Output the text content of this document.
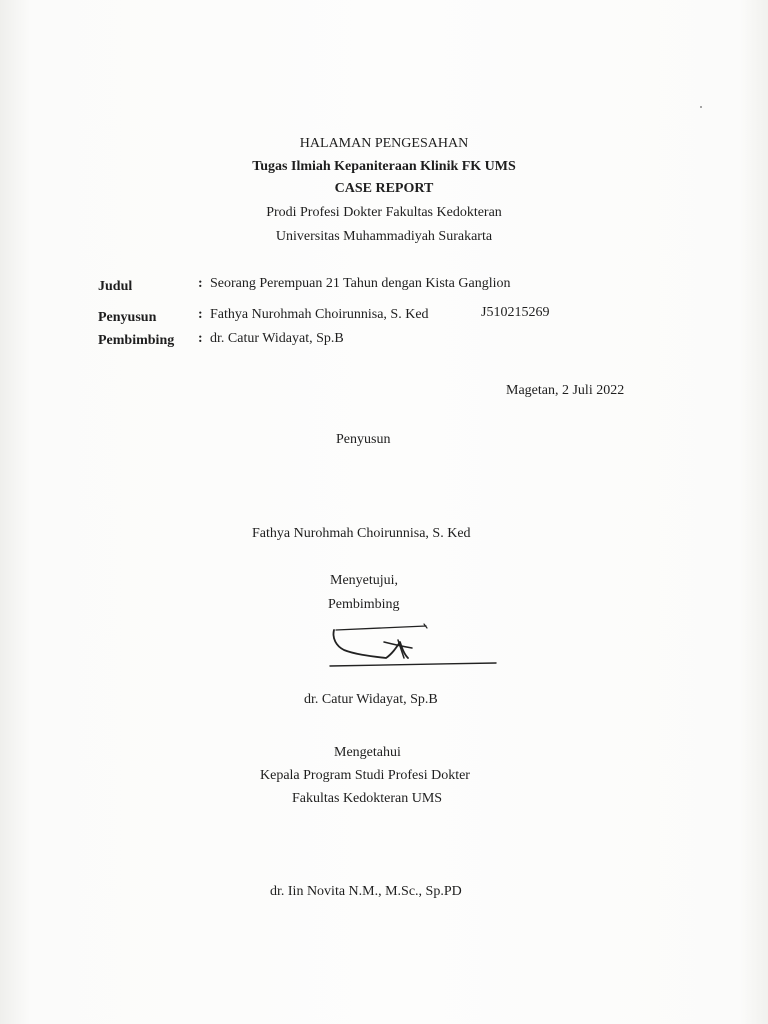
HALAMAN PENGESAHAN
Tugas Ilmiah Kepaniteraan Klinik FK UMS
CASE REPORT
Prodi Profesi Dokter Fakultas Kedokteran
Universitas Muhammadiyah Surakarta
Judul	: Seorang Perempuan 21 Tahun dengan Kista Ganglion
Penyusun	: Fathya Nurohmah Choirunnisa, S. Ked	J510215269
Pembimbing : dr. Catur Widayat, Sp.B
Magetan, 2 Juli 2022
Penyusun
Fathya Nurohmah Choirunnisa, S. Ked
Menyetujui,
Pembimbing
dr. Catur Widayat, Sp.B
Mengetahui
Kepala Program Studi Profesi Dokter
Fakultas Kedokteran UMS
dr. Iin Novita N.M., M.Sc., Sp.PD
